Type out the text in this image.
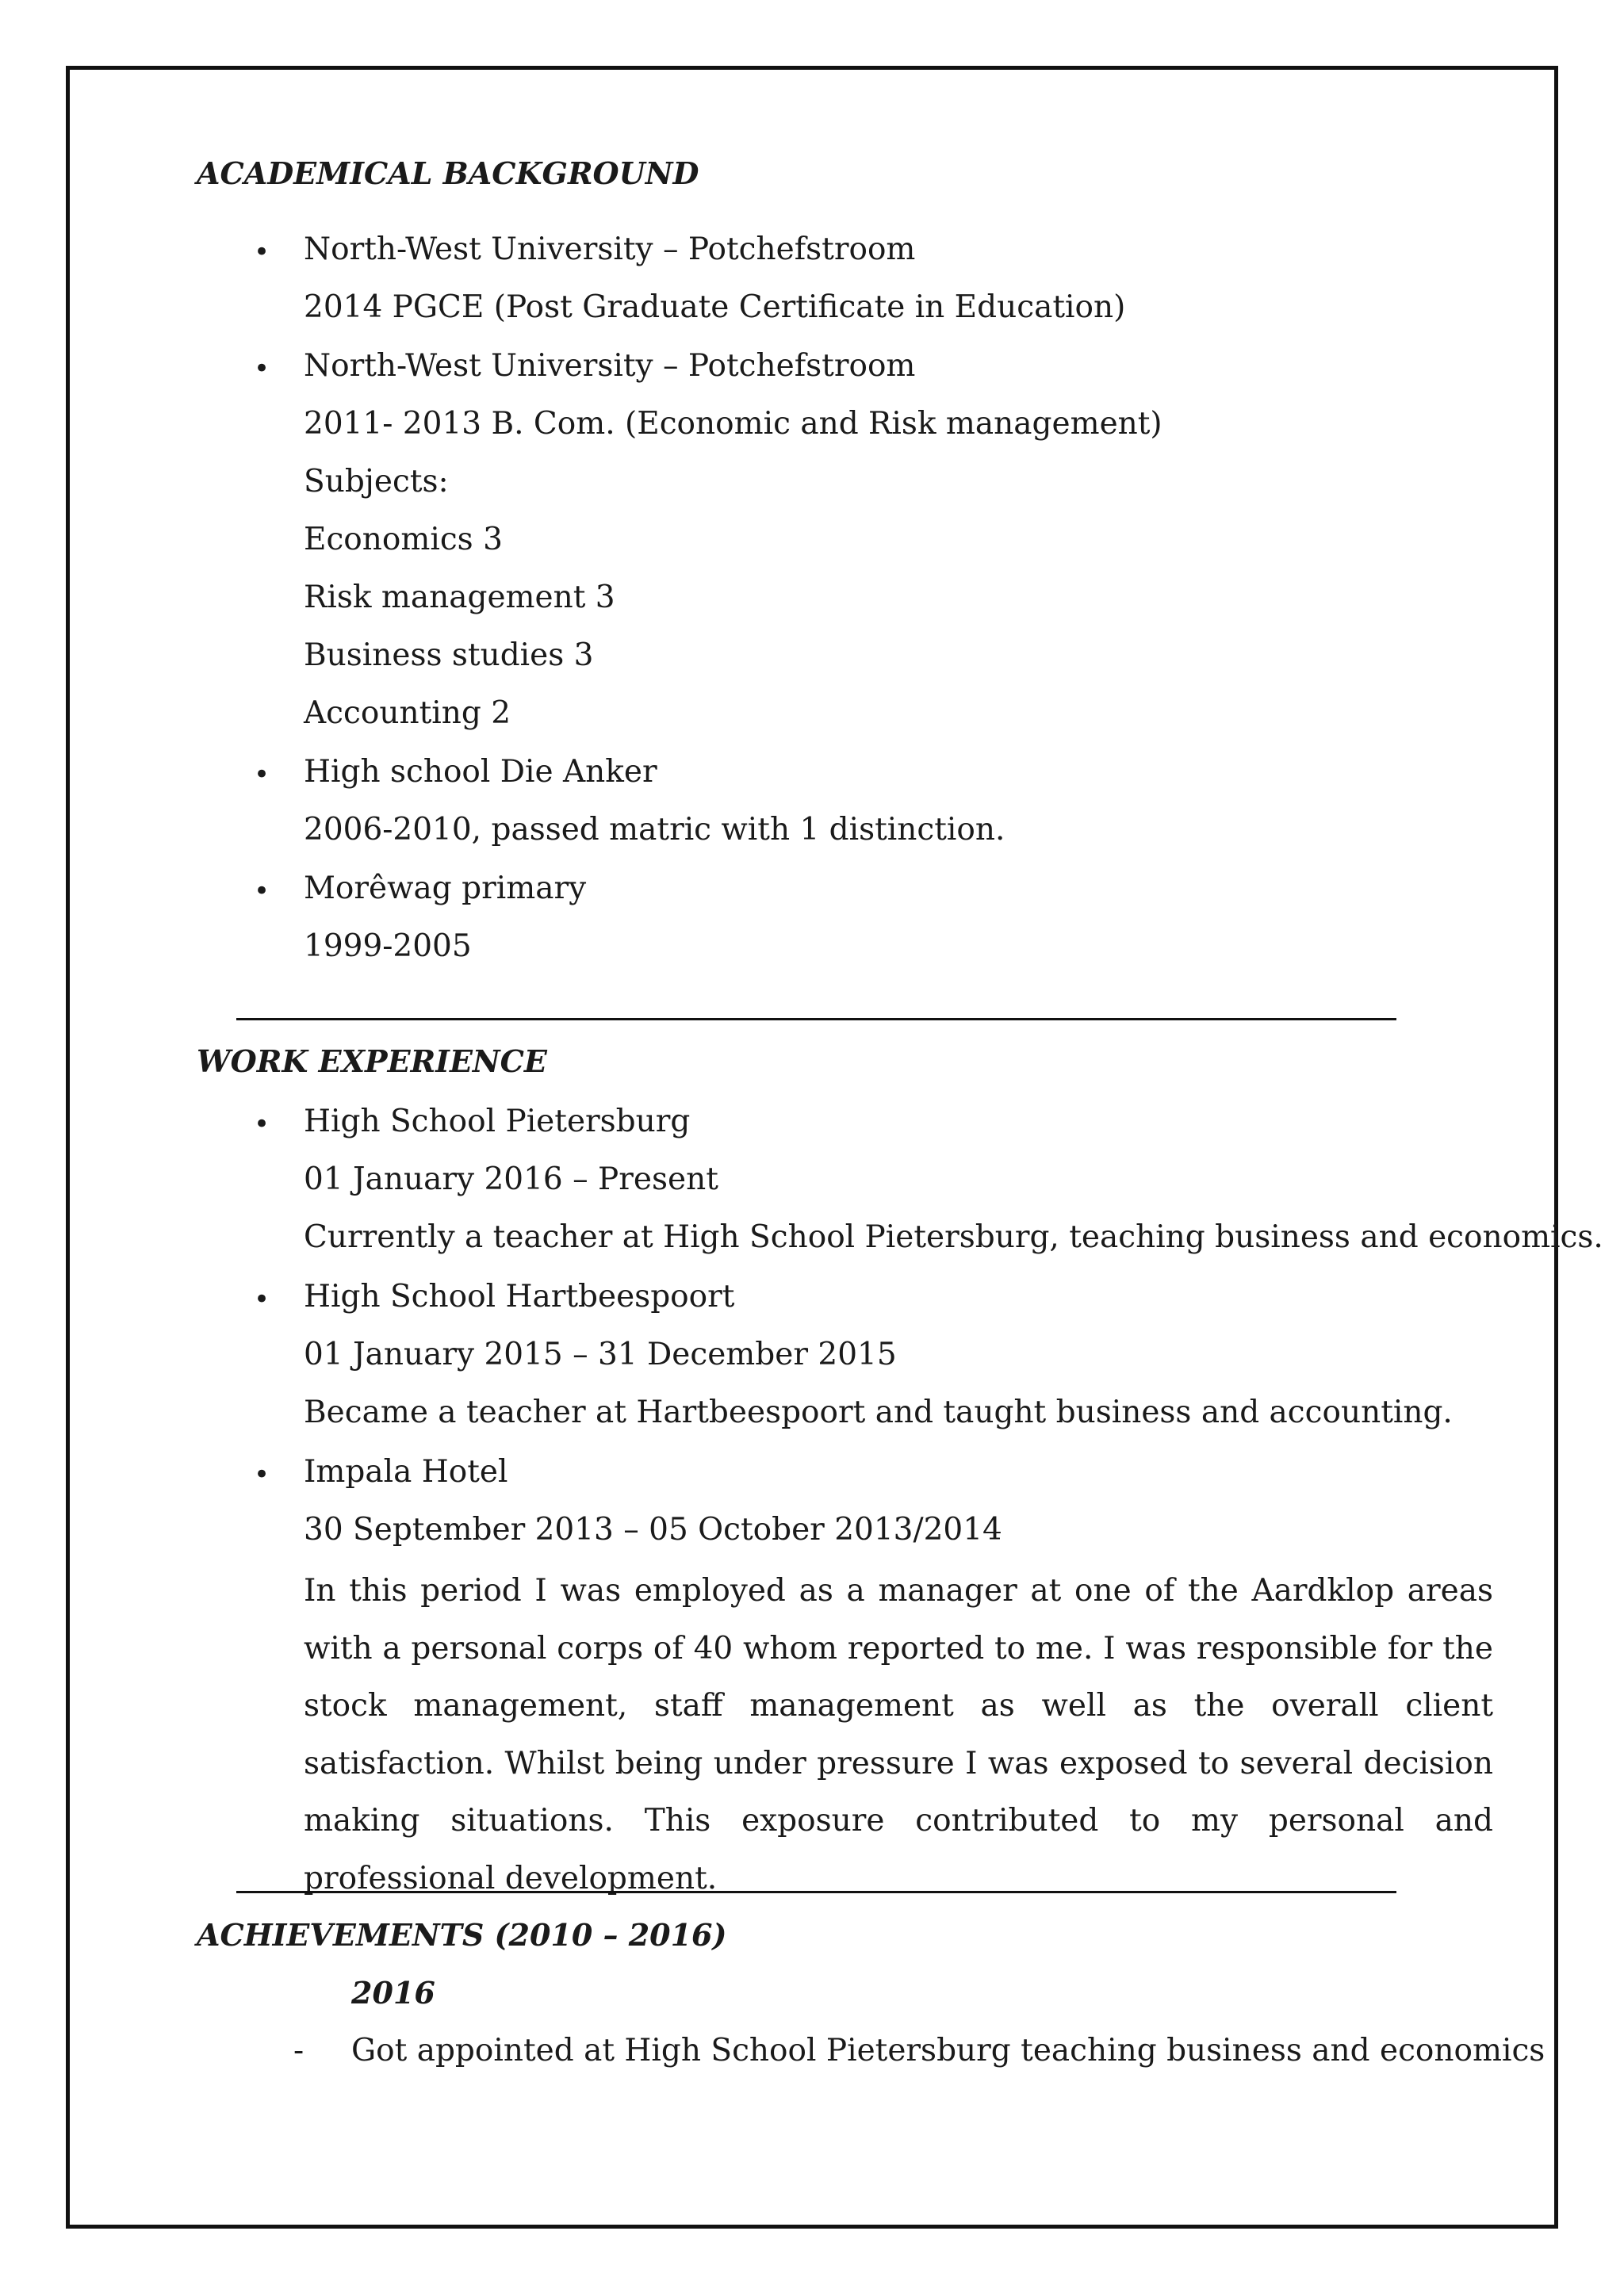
ACADEMICAL BACKGROUND
• North-West University – Potchefstroom
2014 PGCE (Post Graduate Certificate in Education)
• North-West University – Potchefstroom
2011- 2013 B. Com. (Economic and Risk management)
Subjects:
Economics 3
Risk management 3
Business studies 3
Accounting 2
• High school Die Anker
2006-2010, passed matric with 1 distinction.
• Morêwag primary
1999-2005
WORK EXPERIENCE
• High School Pietersburg
01 January 2016 – Present
Currently a teacher at High School Pietersburg, teaching business and economics.
• High School Hartbeespoort
01 January 2015 – 31 December 2015
Became a teacher at Hartbeespoort and taught business and accounting.
• Impala Hotel
30 September 2013 – 05 October 2013/2014
In this period I was employed as a manager at one of the Aardklop areas with a personal corps of 40 whom reported to me. I was responsible for the stock management, staff management as well as the overall client satisfaction. Whilst being under pressure I was exposed to several decision making situations. This exposure contributed to my personal and professional development.
ACHIEVEMENTS (2010 – 2016)
2016
- Got appointed at High School Pietersburg teaching business and economics
